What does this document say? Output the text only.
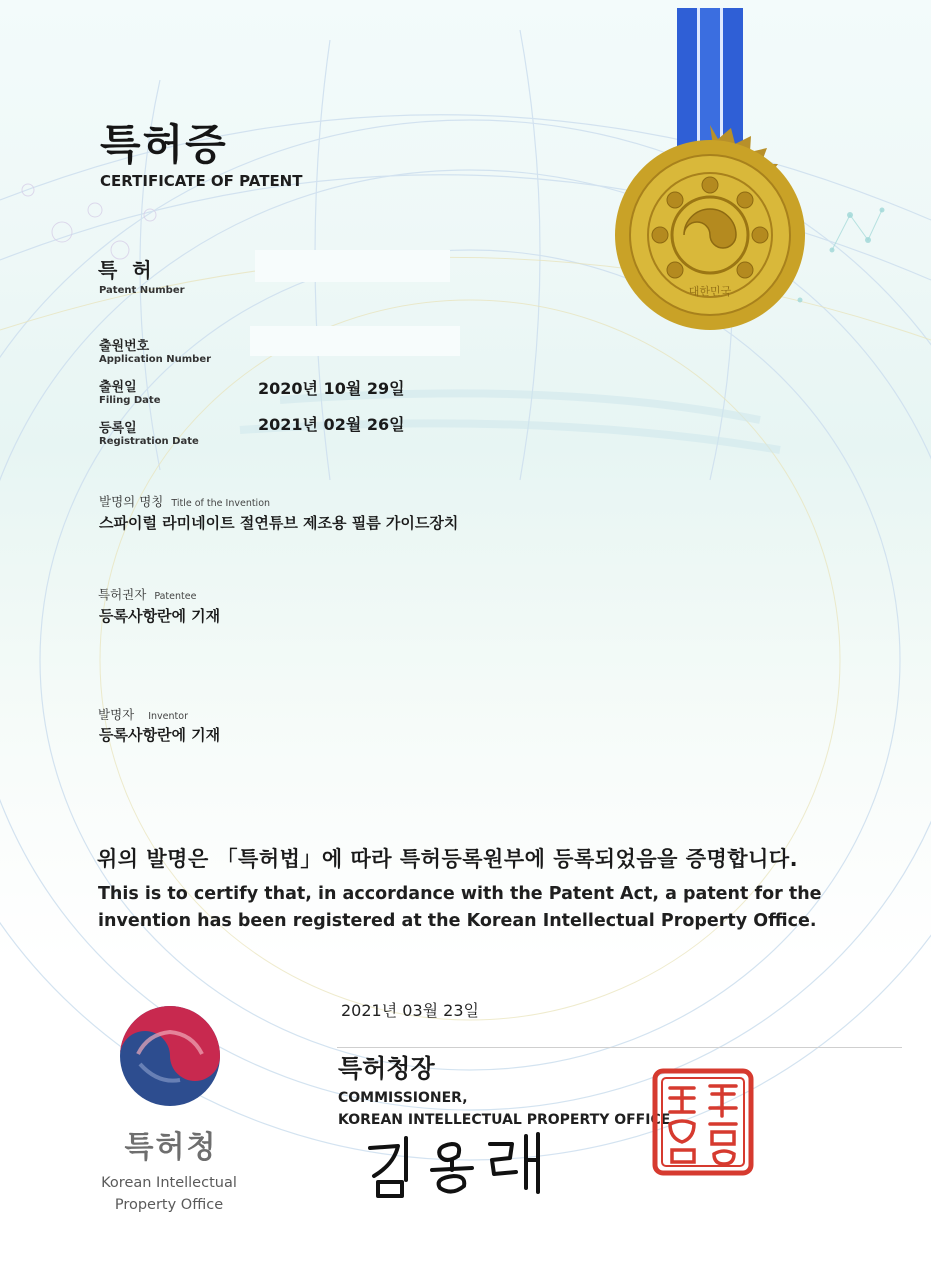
대한민국
특허증
CERTIFICATE OF PATENT
특 허
Patent Number
출원번호
Application Number
출원일
Filing Date
2020년 10월 29일
등록일
Registration Date
2021년 02월 26일
발명의 명칭 Title of the Invention
스파이럴 라미네이트 절연튜브 제조용 필름 가이드장치
특허권자 Patentee
등록사항란에 기재
발명자 Inventor
등록사항란에 기재
위의 발명은 「특허법」에 따라 특허등록원부에 등록되었음을 증명합니다.
This is to certify that, in accordance with the Patent Act, a patent for the invention has been registered at the Korean Intellectual Property Office.
2021년 03월 23일
특허청장
COMMISSIONER,
KOREAN INTELLECTUAL PROPERTY OFFICE
특허청장인
특허청
Korean Intellectual Property Office
